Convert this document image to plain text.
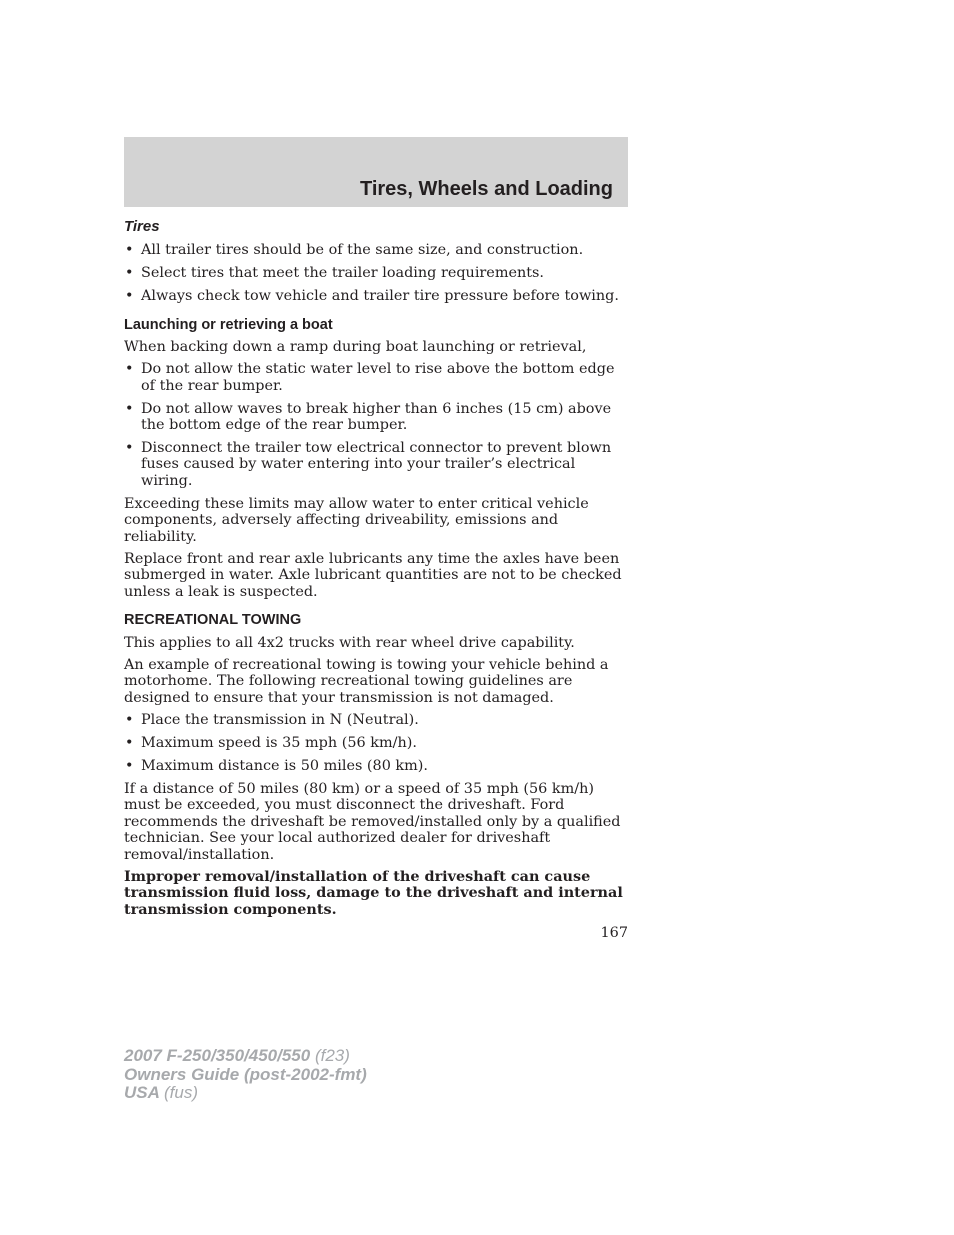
Tires, Wheels and Loading
Tires
• All trailer tires should be of the same size, and construction.
• Select tires that meet the trailer loading requirements.
• Always check tow vehicle and trailer tire pressure before towing.
Launching or retrieving a boat

When backing down a ramp during boat launching or retrieval,

• Do not allow the static water level to rise above the bottom edge of the rear bumper.
• Do not allow waves to break higher than 6 inches (15 cm) above the bottom edge of the rear bumper.
• Disconnect the trailer tow electrical connector to prevent blown fuses caused by water entering into your trailer’s electrical wiring.

Exceeding these limits may allow water to enter critical vehicle components, adversely affecting driveability, emissions and reliability.

Replace front and rear axle lubricants any time the axles have been submerged in water. Axle lubricant quantities are not to be checked unless a leak is suspected.

RECREATIONAL TOWING

This applies to all 4x2 trucks with rear wheel drive capability.

An example of recreational towing is towing your vehicle behind a motorhome. The following recreational towing guidelines are designed to ensure that your transmission is not damaged.

• Place the transmission in N (Neutral).
• Maximum speed is 35 mph (56 km/h).
• Maximum distance is 50 miles (80 km).

If a distance of 50 miles (80 km) or a speed of 35 mph (56 km/h) must be exceeded, you must disconnect the driveshaft. Ford recommends the driveshaft be removed/installed only by a qualified technician. See your local authorized dealer for driveshaft removal/installation.

Improper removal/installation of the driveshaft can cause transmission fluid loss, damage to the driveshaft and internal transmission components.

167
2007 F-250/350/450/550 (f23)
Owners Guide (post-2002-fmt)
USA (fus)
